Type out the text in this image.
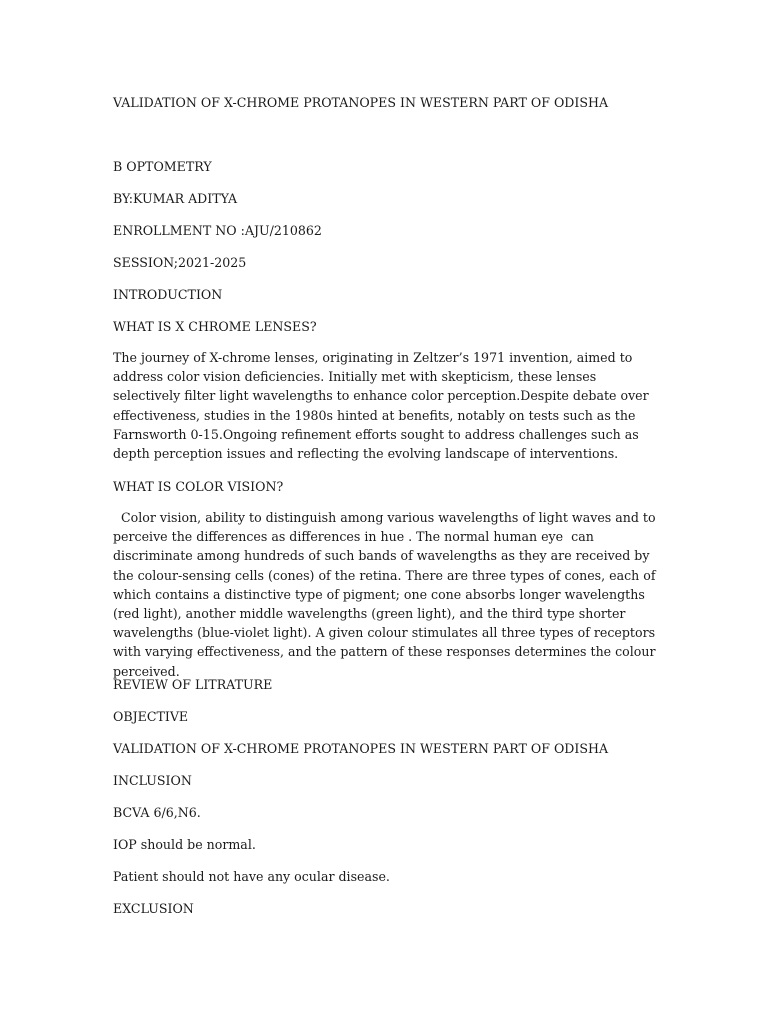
VALIDATION OF X-CHROME PROTANOPES IN WESTERN PART OF ODISHA
B OPTOMETRY
BY:KUMAR ADITYA
ENROLLMENT NO :AJU/210862
SESSION;2021-2025
INTRODUCTION
WHAT IS X CHROME LENSES?
The journey of X-chrome lenses, originating in Zeltzer’s 1971 invention, aimed to address color vision deficiencies. Initially met with skepticism, these lenses selectively filter light wavelengths to enhance color perception.Despite debate over effectiveness, studies in the 1980s hinted at benefits, notably on tests such as the Farnsworth 0-15.Ongoing refinement efforts sought to address challenges such as depth perception issues and reflecting the evolving landscape of interventions.
WHAT IS COLOR VISION?
Color vision, ability to distinguish among various wavelengths of light waves and to perceive the differences as differences in hue . The normal human eye  can discriminate among hundreds of such bands of wavelengths as they are received by the colour-sensing cells (cones) of the retina. There are three types of cones, each of which contains a distinctive type of pigment; one cone absorbs longer wavelengths (red light), another middle wavelengths (green light), and the third type shorter wavelengths (blue-violet light). A given colour stimulates all three types of receptors with varying effectiveness, and the pattern of these responses determines the colour perceived.
REVIEW OF LITRATURE
OBJECTIVE
VALIDATION OF X-CHROME PROTANOPES IN WESTERN PART OF ODISHA
INCLUSION
BCVA 6/6,N6.
IOP should be normal.
Patient should not have any ocular disease.
EXCLUSION
